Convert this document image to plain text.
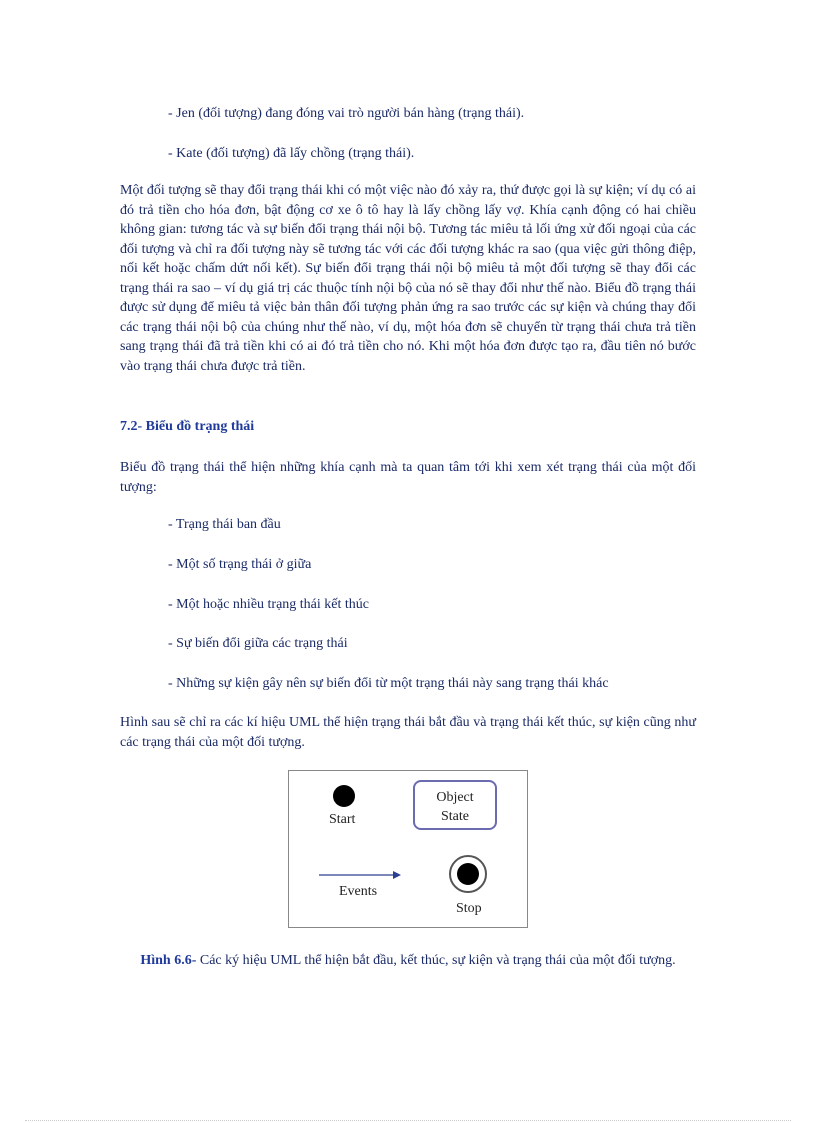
- Jen (đối tượng) đang đóng vai trò người bán hàng (trạng thái).
- Kate (đối tượng) đã lấy chồng (trạng thái).
Một đối tượng sẽ thay đổi trạng thái khi có một việc nào đó xảy ra, thứ được gọi là sự kiện; ví dụ có ai đó trả tiền cho hóa đơn, bật động cơ xe ô tô hay là lấy chồng lấy vợ. Khía cạnh động có hai chiều không gian: tương tác và sự biến đổi trạng thái nội bộ. Tương tác miêu tả lối ứng xử đối ngoại của các đối tượng và chỉ ra đối tượng này sẽ tương tác với các đối tượng khác ra sao (qua việc gửi thông điệp, nối kết hoặc chấm dứt nối kết). Sự biến đổi trạng thái nội bộ miêu tả một đối tượng sẽ thay đổi các trạng thái ra sao – ví dụ giá trị các thuộc tính nội bộ của nó sẽ thay đổi như thế nào. Biểu đồ trạng thái được sử dụng để miêu tả việc bản thân đối tượng phản ứng ra sao trước các sự kiện và chúng thay đổi các trạng thái nội bộ của chúng như thế nào, ví dụ, một hóa đơn sẽ chuyển từ trạng thái chưa trả tiền sang trạng thái đã trả tiền khi có ai đó trả tiền cho nó. Khi một hóa đơn được tạo ra, đầu tiên nó bước vào trạng thái chưa được trả tiền.
7.2- Biểu đồ trạng thái
Biểu đồ trạng thái thể hiện những khía cạnh mà ta quan tâm tới khi xem xét trạng thái của một đối tượng:
- Trạng thái ban đầu
- Một số trạng thái ở giữa
- Một hoặc nhiều trạng thái kết thúc
- Sự biến đổi giữa các trạng thái
- Những sự kiện gây nên sự biến đổi từ một trạng thái này sang trạng thái khác
Hình sau sẽ chỉ ra các kí hiệu UML thể hiện trạng thái bắt đầu và trạng thái kết thúc, sự kiện cũng như các trạng thái của một đối tượng.
Start
Object
State
Events
Stop
Hình 6.6- Các ký hiệu UML thể hiện bắt đầu, kết thúc, sự kiện và trạng thái của một đối tượng.
